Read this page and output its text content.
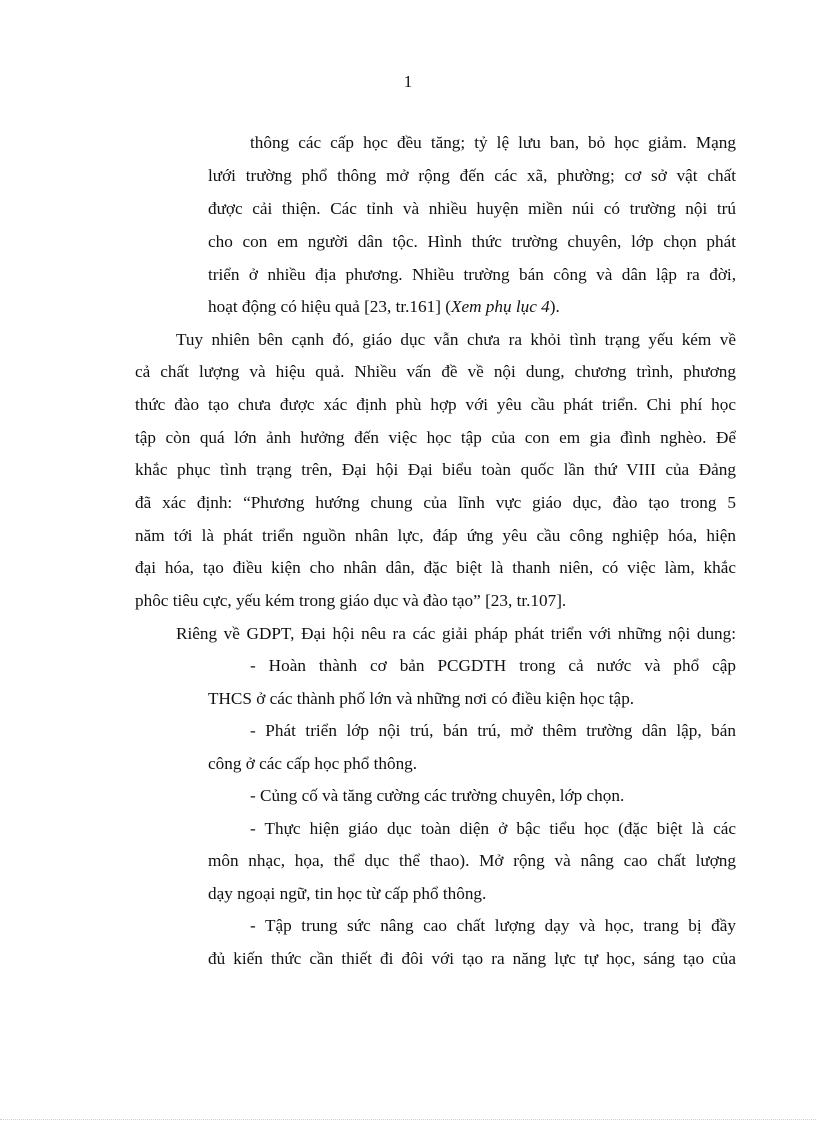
1
thông các cấp học đều tăng; tỷ lệ lưu ban, bỏ học giảm. Mạng
lưới trường phổ thông mở rộng đến các xã, phường; cơ sở vật chất
được cải thiện. Các tỉnh và nhiều huyện miền núi có trường nội trú
cho con em người dân tộc. Hình thức trường chuyên, lớp chọn phát
triển ở nhiều địa phương. Nhiều trường bán công và dân lập ra đời,
hoạt động có hiệu quả [23, tr.161] (Xem phụ lục 4).
Tuy nhiên bên cạnh đó, giáo dục vẫn chưa ra khỏi tình trạng yếu kém về
cả chất lượng và hiệu quả. Nhiều vấn đề về nội dung, chương trình, phương
thức đào tạo chưa được xác định phù hợp với yêu cầu phát triển. Chi phí học
tập còn quá lớn ảnh hưởng đến việc học tập của con em gia đình nghèo. Để
khắc phục tình trạng trên, Đại hội Đại biểu toàn quốc lần thứ VIII của Đảng
đã xác định: “Phương hướng chung của lĩnh vực giáo dục, đào tạo trong 5
năm tới là phát triển nguồn nhân lực, đáp ứng yêu cầu công nghiệp hóa, hiện
đại hóa, tạo điều kiện cho nhân dân, đặc biệt là thanh niên, có việc làm, khắc
phôc tiêu cực, yếu kém trong giáo dục và đào tạo” [23, tr.107].
Riêng về GDPT, Đại hội nêu ra các giải pháp phát triển với những nội dung:
- Hoàn thành cơ bản PCGDTH trong cả nước và phổ cập
THCS ở các thành phố lớn và những nơi có điều kiện học tập.
- Phát triển lớp nội trú, bán trú, mở thêm trường dân lập, bán
công ở các cấp học phổ thông.
- Củng cố và tăng cường các trường chuyên, lớp chọn.
- Thực hiện giáo dục toàn diện ở bậc tiểu học (đặc biệt là các
môn nhạc, họa, thể dục thể thao). Mở rộng và nâng cao chất lượng
dạy ngoại ngữ, tin học từ cấp phổ thông.
- Tập trung sức nâng cao chất lượng dạy và học, trang bị đầy
đủ kiến thức cần thiết đi đôi với tạo ra năng lực tự học, sáng tạo của
